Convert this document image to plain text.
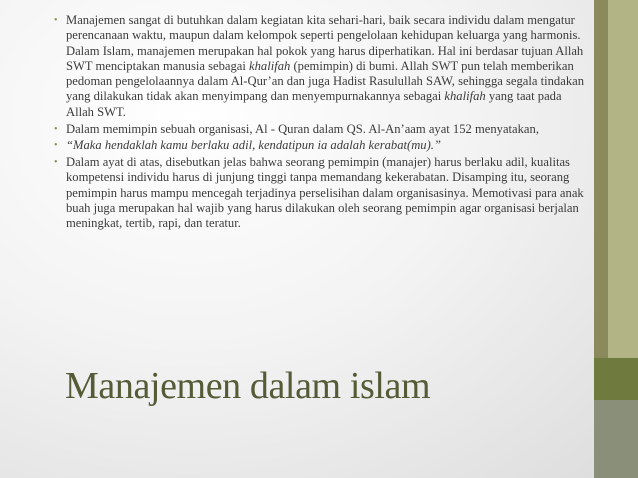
• Manajemen sangat di butuhkan dalam kegiatan kita sehari-hari, baik secara individu dalam mengatur perencanaan waktu, maupun dalam kelompok seperti pengelolaan kehidupan keluarga yang harmonis. Dalam Islam, manajemen merupakan hal pokok yang harus diperhatikan. Hal ini berdasar tujuan Allah SWT menciptakan manusia sebagai khalifah (pemimpin) di bumi. Allah SWT pun telah memberikan pedoman pengelolaannya dalam Al-Qur’an dan juga Hadist Rasulullah SAW, sehingga segala tindakan yang dilakukan tidak akan menyimpang dan menyempurnakannya sebagai khalifah yang taat pada Allah SWT.
• Dalam memimpin sebuah organisasi, Al - Quran dalam QS. Al-An’aam ayat 152 menyatakan,
• “Maka hendaklah kamu berlaku adil, kendatipun ia adalah kerabat(mu).”
• Dalam ayat di atas, disebutkan jelas bahwa seorang pemimpin (manajer) harus berlaku adil, kualitas kompetensi individu harus di junjung tinggi tanpa memandang kekerabatan. Disamping itu, seorang pemimpin harus mampu mencegah terjadinya perselisihan dalam organisasinya. Memotivasi para anak buah juga merupakan hal wajib yang harus dilakukan oleh seorang pemimpin agar organisasi berjalan meningkat, tertib, rapi, dan teratur.
Manajemen dalam islam
